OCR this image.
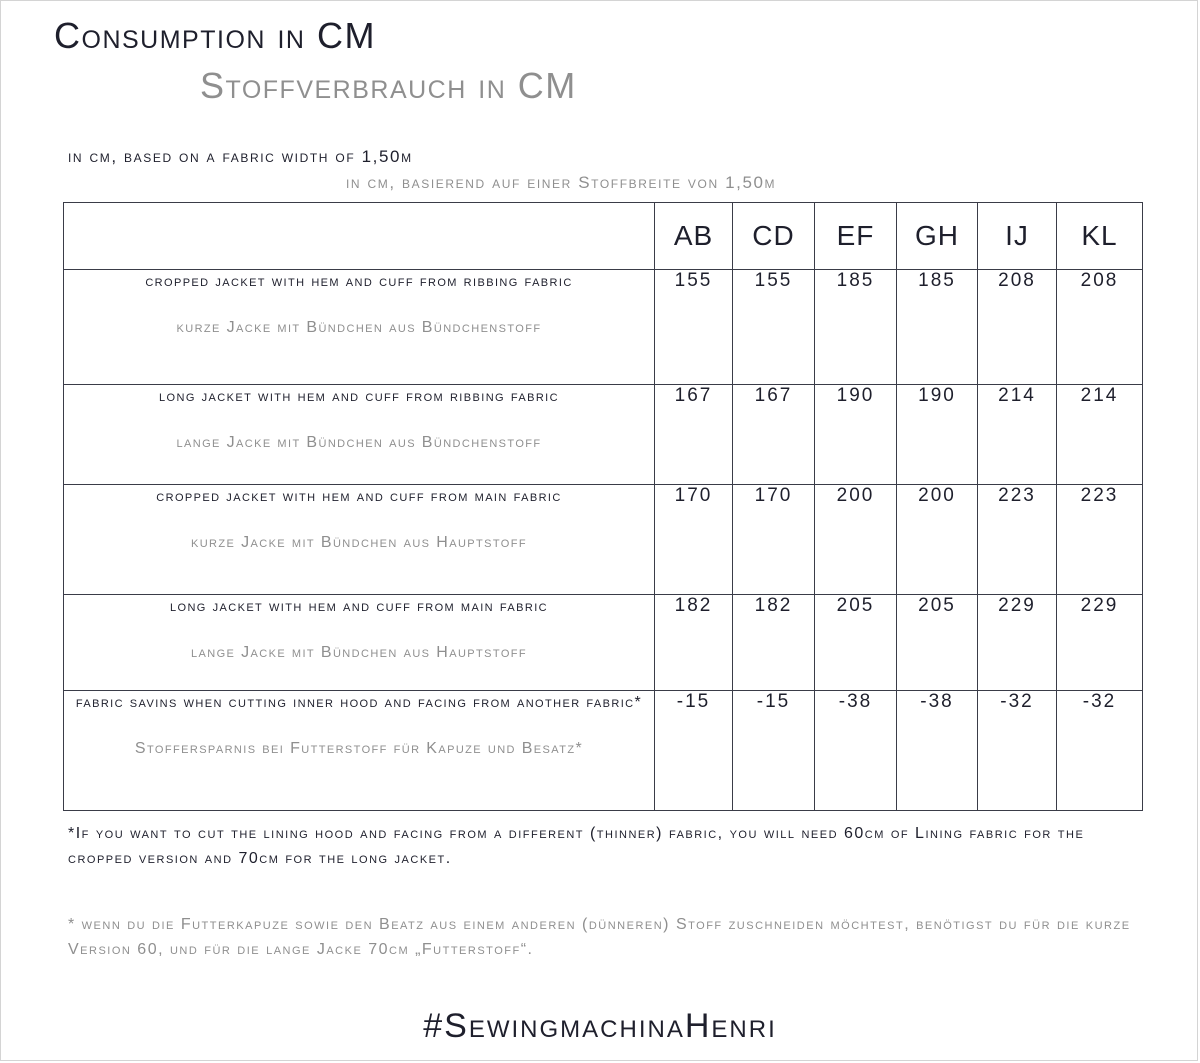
Consumption in CM
Stoffverbrauch in CM
in cm, based on a fabric width of 1,50m
in cm, basierend auf einer Stoffbreite von 1,50m
	AB	CD	EF	GH	IJ	KL

cropped jacket with hem and cuff from ribbing fabric
kurze Jacke mit Bündchen aus Bündchenstoff	155	155	185	185	208	208

long jacket with hem and cuff from ribbing fabric
lange Jacke mit Bündchen aus Bündchenstoff	167	167	190	190	214	214

cropped jacket with hem and cuff from main fabric
kurze Jacke mit Bündchen aus Hauptstoff	170	170	200	200	223	223

long jacket with hem and cuff from main fabric
lange Jacke mit Bündchen aus Hauptstoff	182	182	205	205	229	229

fabric savins when cutting inner hood and facing from another fabric*
Stoffersparnis bei Futterstoff für Kapuze und Besatz*	-15	-15	-38	-38	-32	-32
*If you want to cut the lining hood and facing from a different (thinner) fabric, you will need 60cm of Lining fabric for the cropped version and 70cm for the long jacket.
* wenn du die Futterkapuze sowie den Beatz aus einem anderen (dünneren) Stoff zuschneiden möchtest, benötigst du für die kurze Version 60, und für die lange Jacke 70cm „Futterstoff“.
#SewingmachinaHenri
